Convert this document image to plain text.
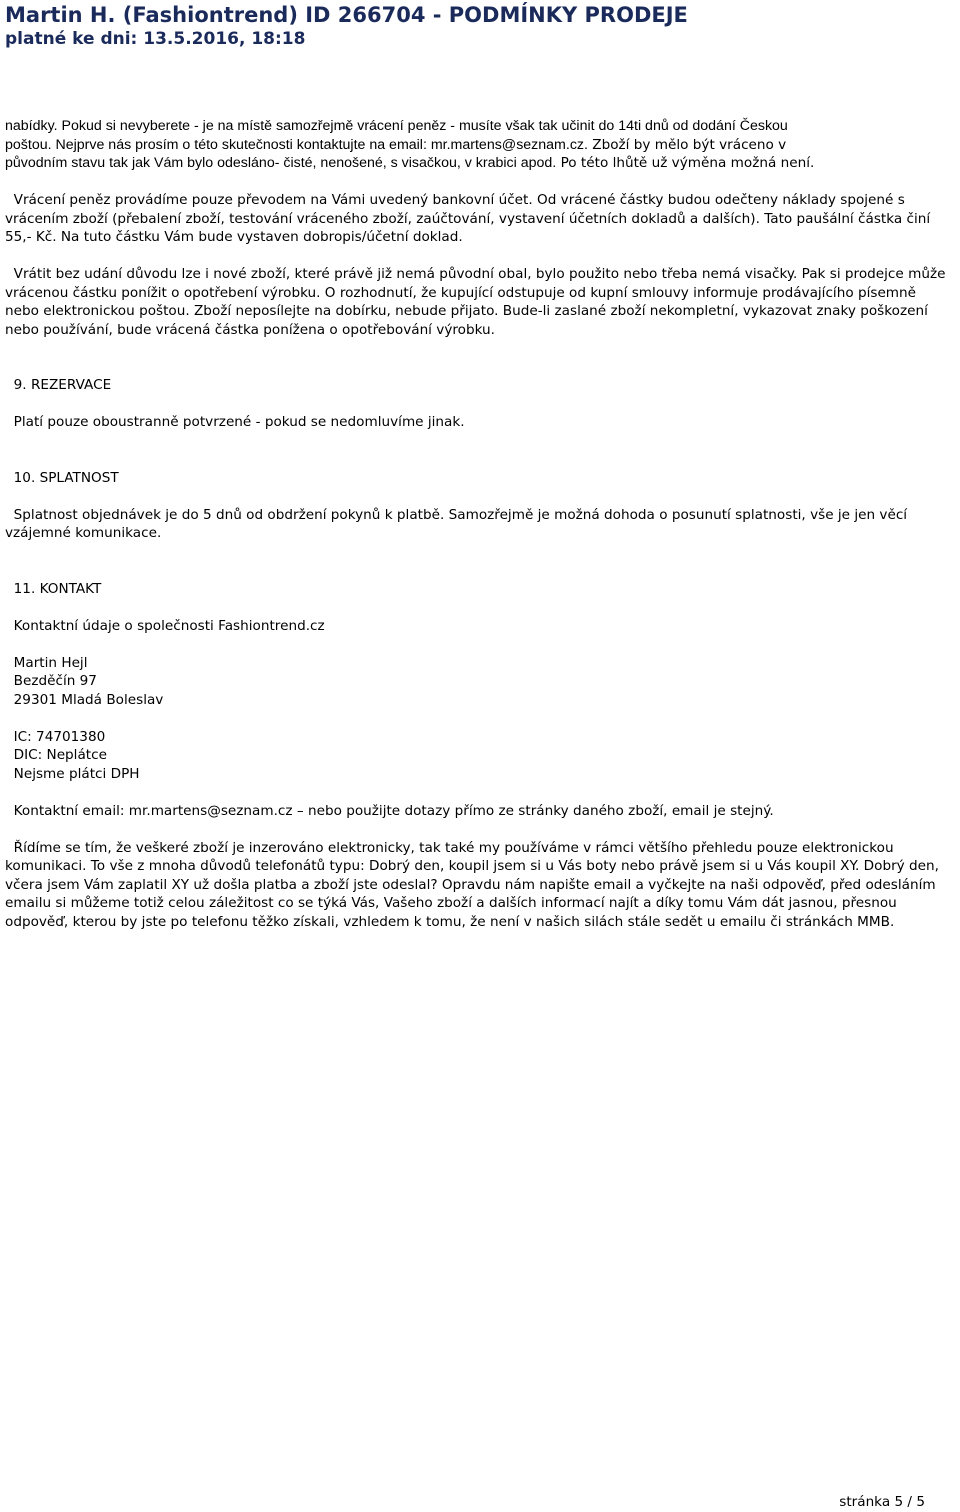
Martin H. (Fashiontrend) ID 266704 - PODMÍNKY PRODEJE
platné ke dni: 13.5.2016, 18:18
nabídky. Pokud si nevyberete - je na místě samozřejmě vrácení peněz - musíte však tak učinit do 14ti dnů od dodání Českou
poštou. Nejprve nás prosím o této skutečnosti kontaktujte na email: mr.martens@seznam.cz. Zboží by mělo být vráceno v
původním stavu tak jak Vám bylo odesláno- čisté, nenošené, s visačkou, v krabici apod. Po této lhůtě už výměna možná není.
Vrácení peněz provádíme pouze převodem na Vámi uvedený bankovní účet. Od vrácené částky budou odečteny náklady spojené s vrácením zboží (přebalení zboží, testování vráceného zboží, zaúčtování, vystavení účetních dokladů a dalších). Tato paušální částka činí 55,- Kč. Na tuto částku Vám bude vystaven dobropis/účetní doklad.
Vrátit bez udání důvodu lze i nové zboží, které právě již nemá původní obal, bylo použito nebo třeba nemá visačky. Pak si prodejce může vrácenou částku ponížit o opotřebení výrobku. O rozhodnutí, že kupující odstupuje od kupní smlouvy informuje prodávajícího písemně nebo elektronickou poštou. Zboží neposílejte na dobírku, nebude přijato. Bude-li zaslané zboží nekompletní, vykazovat znaky poškození nebo používání, bude vrácená částka ponížena o opotřebování výrobku.
9. REZERVACE
Platí pouze oboustranně potvrzené - pokud se nedomluvíme jinak.
10. SPLATNOST
Splatnost objednávek je do 5 dnů od obdržení pokynů k platbě. Samozřejmě je možná dohoda o posunutí splatnosti, vše je jen věcí vzájemné komunikace.
11. KONTAKT
Kontaktní údaje o společnosti Fashiontrend.cz
Martin Hejl
Bezděčín 97
29301 Mladá Boleslav
IC: 74701380
DIC: Neplátce
Nejsme plátci DPH
Kontaktní email: mr.martens@seznam.cz – nebo použijte dotazy přímo ze stránky daného zboží, email je stejný.
Řídíme se tím, že veškeré zboží je inzerováno elektronicky, tak také my používáme v rámci většího přehledu pouze elektronickou komunikaci. To vše z mnoha důvodů telefonátů typu: Dobrý den, koupil jsem si u Vás boty nebo právě jsem si u Vás koupil XY. Dobrý den, včera jsem Vám zaplatil XY už došla platba a zboží jste odeslal? Opravdu nám napište email a vyčkejte na naši odpověď, před odesláním emailu si můžeme totiž celou záležitost co se týká Vás, Vašeho zboží a dalších informací najít a díky tomu Vám dát jasnou, přesnou odpověď, kterou by jste po telefonu těžko získali, vzhledem k tomu, že není v našich silách stále sedět u emailu či stránkách MMB.
stránka 5 / 5
